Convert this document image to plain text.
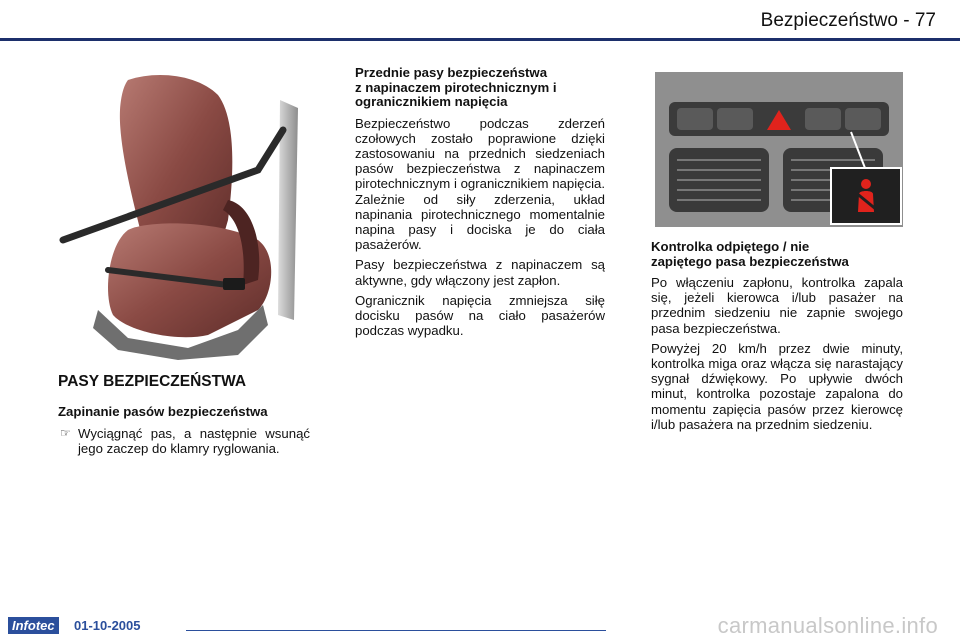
Bezpieczeństwo - 77
PASY BEZPIECZEŃSTWA
Zapinanie pasów bezpieczeństwa
☞ Wyciągnąć pas, a następnie wsunąć jego zaczep do klamry ryglowania.
Przednie pasy bezpieczeństwa
z napinaczem pirotechnicznym i
ogranicznikiem napięcia

Bezpieczeństwo podczas zderzeń czołowych zostało poprawione dzięki zastosowaniu na przednich siedzeniach pasów bezpieczeństwa z napinaczem pirotechnicznym i ogranicznikiem napięcia. Zależnie od siły zderzenia, układ napinania pirotechnicznego momentalnie napina pasy i dociska je do ciała pasażerów.

Pasy bezpieczeństwa z napinaczem są aktywne, gdy włączony jest zapłon.

Ogranicznik napięcia zmniejsza siłę docisku pasów na ciało pasażerów podczas wypadku.

Kontrolka odpiętego / nie
zapiętego pasa bezpieczeństwa

Po włączeniu zapłonu, kontrolka zapala się, jeżeli kierowca i/lub pasażer na przednim siedzeniu nie zapnie swojego pasa bezpieczeństwa.

Powyżej 20 km/h przez dwie minuty, kontrolka miga oraz włącza się narastający sygnał dźwiękowy. Po upływie dwóch minut, kontrolka pozostaje zapalona do momentu zapięcia pasów przez kierowcę i/lub pasażera na przednim siedzeniu.

Infotec	01-10-2005	carmanualsonline.info
